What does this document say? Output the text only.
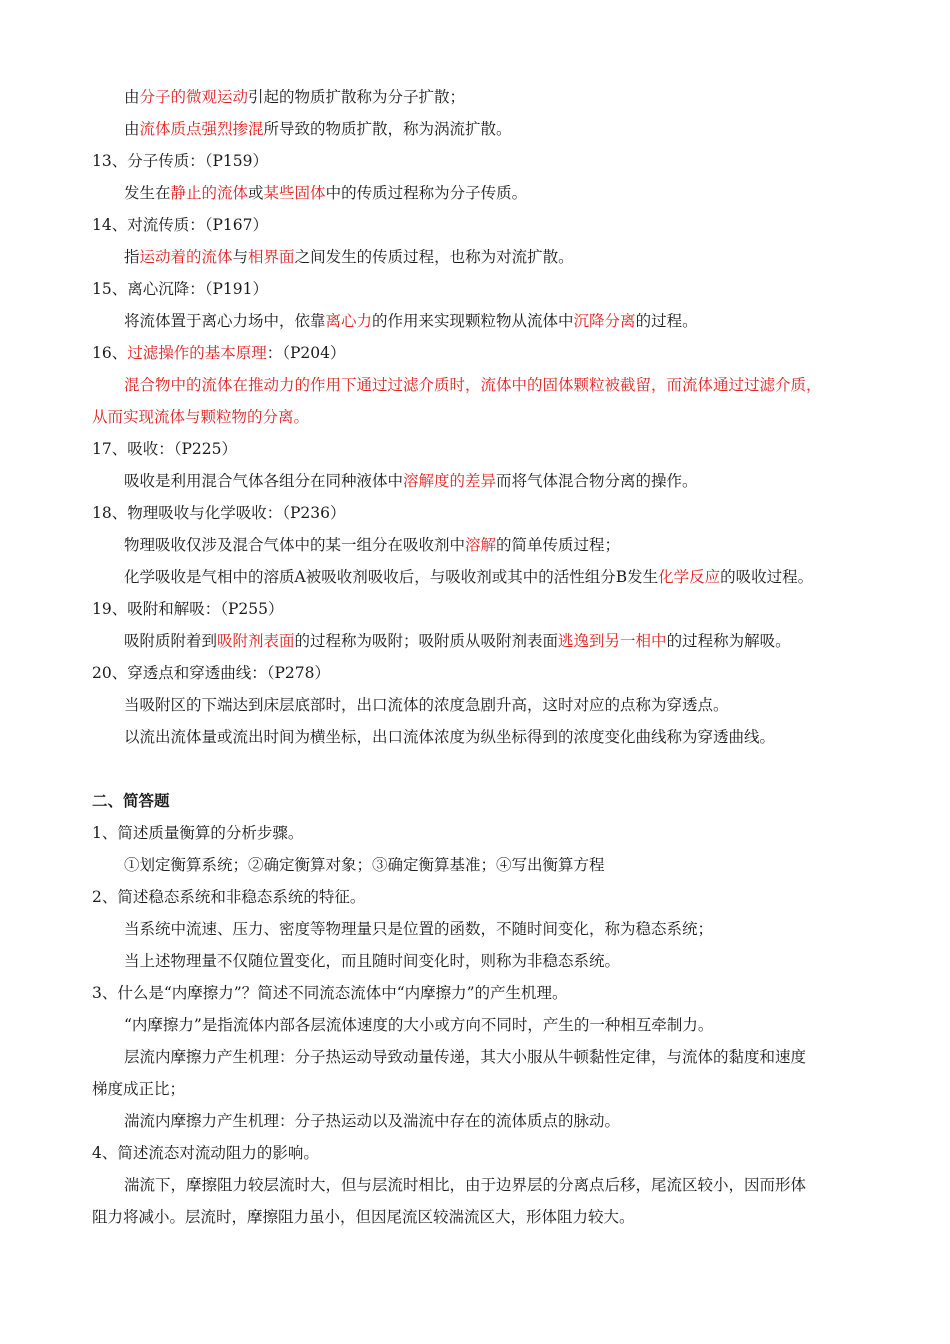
由分子的微观运动引起的物质扩散称为分子扩散；
由流体质点强烈掺混所导致的物质扩散，称为涡流扩散。
13、分子传质：（P159）
发生在静止的流体或某些固体中的传质过程称为分子传质。
14、对流传质：（P167）
指运动着的流体与相界面之间发生的传质过程，也称为对流扩散。
15、离心沉降：（P191）
将流体置于离心力场中，依靠离心力的作用来实现颗粒物从流体中沉降分离的过程。
16、过滤操作的基本原理：（P204）
混合物中的流体在推动力的作用下通过过滤介质时，流体中的固体颗粒被截留，而流体通过过滤介质，
从而实现流体与颗粒物的分离。
17、吸收：（P225）
吸收是利用混合气体各组分在同种液体中溶解度的差异而将气体混合物分离的操作。
18、物理吸收与化学吸收：（P236）
物理吸收仅涉及混合气体中的某一组分在吸收剂中溶解的简单传质过程；
化学吸收是气相中的溶质A被吸收剂吸收后，与吸收剂或其中的活性组分B发生化学反应的吸收过程。
19、吸附和解吸：（P255）
吸附质附着到吸附剂表面的过程称为吸附；吸附质从吸附剂表面逃逸到另一相中的过程称为解吸。
20、穿透点和穿透曲线：（P278）
当吸附区的下端达到床层底部时，出口流体的浓度急剧升高，这时对应的点称为穿透点。
以流出流体量或流出时间为横坐标，出口流体浓度为纵坐标得到的浓度变化曲线称为穿透曲线。
二、简答题
1、简述质量衡算的分析步骤。
①划定衡算系统；②确定衡算对象；③确定衡算基准；④写出衡算方程
2、简述稳态系统和非稳态系统的特征。
当系统中流速、压力、密度等物理量只是位置的函数，不随时间变化，称为稳态系统；
当上述物理量不仅随位置变化，而且随时间变化时，则称为非稳态系统。
3、什么是“内摩擦力”？简述不同流态流体中“内摩擦力”的产生机理。
“内摩擦力”是指流体内部各层流体速度的大小或方向不同时，产生的一种相互牵制力。
层流内摩擦力产生机理：分子热运动导致动量传递，其大小服从牛顿黏性定律，与流体的黏度和速度
梯度成正比；
湍流内摩擦力产生机理：分子热运动以及湍流中存在的流体质点的脉动。
4、简述流态对流动阻力的影响。
湍流下，摩擦阻力较层流时大，但与层流时相比，由于边界层的分离点后移，尾流区较小，因而形体
阻力将减小。层流时，摩擦阻力虽小，但因尾流区较湍流区大，形体阻力较大。
